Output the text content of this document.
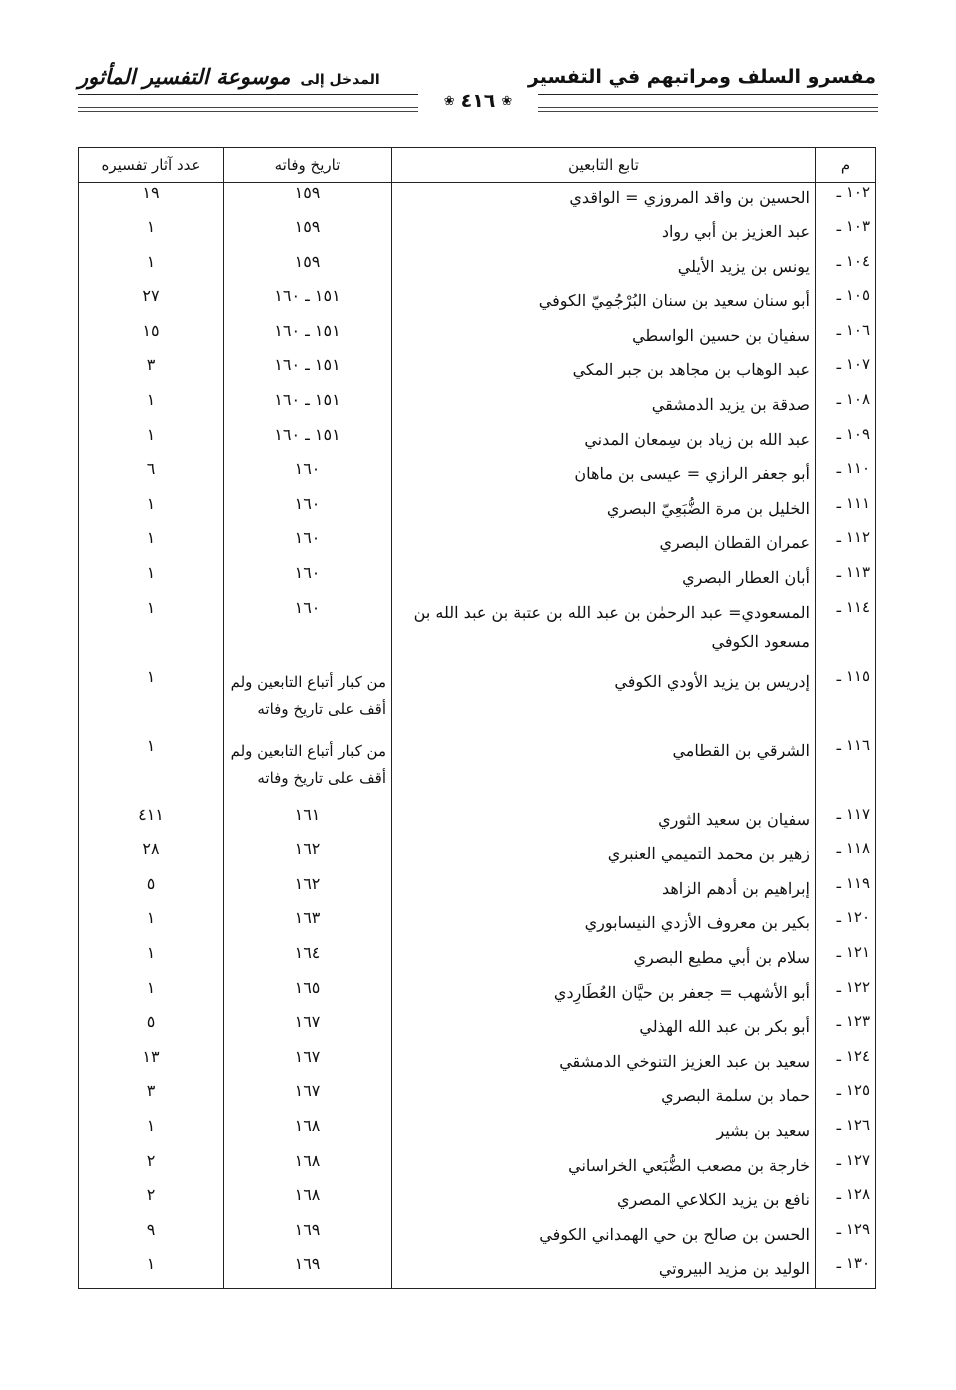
مفسرو السلف ومراتبهم في التفسير
المدخل إلى
موسوعة التفسير المأثور
❀
٤١٦
❀
م	تابع التابعين	تاريخ وفاته	عدد آثار تفسيره
١٠٢ ـ	الحسين بن واقد المروزي = الواقدي	١٥٩	١٩
١٠٣ ـ	عبد العزيز بن أبي رواد	١٥٩	١
١٠٤ ـ	يونس بن يزيد الأيلي	١٥٩	١
١٠٥ ـ	أبو سنان سعيد بن سنان البُرْجُمِيّ الكوفي	١٥١ ـ ١٦٠	٢٧
١٠٦ ـ	سفيان بن حسين الواسطي	١٥١ ـ ١٦٠	١٥
١٠٧ ـ	عبد الوهاب بن مجاهد بن جبر المكي	١٥١ ـ ١٦٠	٣
١٠٨ ـ	صدقة بن يزيد الدمشقي	١٥١ ـ ١٦٠	١
١٠٩ ـ	عبد الله بن زياد بن سِمعان المدني	١٥١ ـ ١٦٠	١
١١٠ ـ	أبو جعفر الرازي = عيسى بن ماهان	١٦٠	٦
١١١ ـ	الخليل بن مرة الضُّبَعِيّ البصري	١٦٠	١
١١٢ ـ	عمران القطان البصري	١٦٠	١
١١٣ ـ	أبان العطار البصري	١٦٠	١
١١٤ ـ	المسعودي= عبد الرحمٰن بن عبد الله بن عتبة بن عبد الله بن مسعود الكوفي	١٦٠	١
١١٥ ـ	إدريس بن يزيد الأودي الكوفي	من كبار أتباع التابعين ولم أقف على تاريخ وفاته	١
١١٦ ـ	الشرقي بن القطامي	من كبار أتباع التابعين ولم أقف على تاريخ وفاته	١
١١٧ ـ	سفيان بن سعيد الثوري	١٦١	٤١١
١١٨ ـ	زهير بن محمد التميمي العنبري	١٦٢	٢٨
١١٩ ـ	إبراهيم بن أدهم الزاهد	١٦٢	٥
١٢٠ ـ	بكير بن معروف الأزدي النيسابوري	١٦٣	١
١٢١ ـ	سلام بن أبي مطيع البصري	١٦٤	١
١٢٢ ـ	أبو الأشهب = جعفر بن حيَّان العُطَارِدي	١٦٥	١
١٢٣ ـ	أبو بكر بن عبد الله الهذلي	١٦٧	٥
١٢٤ ـ	سعيد بن عبد العزيز التنوخي الدمشقي	١٦٧	١٣
١٢٥ ـ	حماد بن سلمة البصري	١٦٧	٣
١٢٦ ـ	سعيد بن بشير	١٦٨	١
١٢٧ ـ	خارجة بن مصعب الضُّبَعي الخراساني	١٦٨	٢
١٢٨ ـ	نافع بن يزيد الكلاعي المصري	١٦٨	٢
١٢٩ ـ	الحسن بن صالح بن حي الهمداني الكوفي	١٦٩	٩
١٣٠ ـ	الوليد بن مزيد البيروتي	١٦٩	١
